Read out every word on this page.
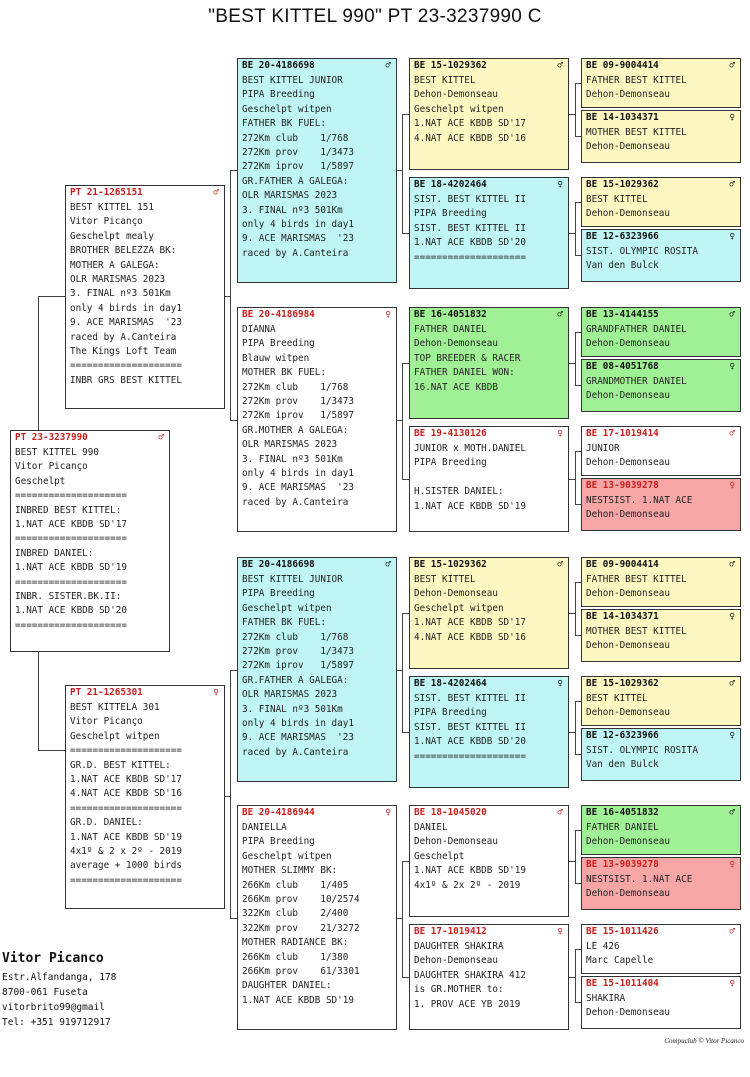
"BEST KITTEL 990" PT 23-3237990 C
PT 23-3237990	♂
BEST KITTEL 990
Vitor Picanço
Geschelpt
====================
INBRED BEST KITTEL:
1.NAT ACE KBDB SD'17
====================
INBRED DANIEL:
1.NAT ACE KBDB SD'19
====================
INBR. SISTER.BK.II:
1.NAT ACE KBDB SD'20
====================
PT 21-1265151	♂
BEST KITTEL 151
Vitor Picanço
Geschelpt mealy
BROTHER BELEZZA BK:
MOTHER A GALEGA:
OLR MARISMAS 2023
3. FINAL nº3 501Km
only 4 birds in day1
9. ACE MARISMAS  '23
raced by A.Canteira
The Kings Loft Team
====================
INBR GRS BEST KITTEL
PT 21-1265301	♀
BEST KITTELA 301
Vitor Picanço
Geschelpt witpen
====================
GR.D. BEST KITTEL:
1.NAT ACE KBDB SD'17
4.NAT ACE KBDB SD'16
====================
GR.D. DANIEL:
1.NAT ACE KBDB SD'19
4x1º & 2 x 2º - 2019
average + 1000 birds
====================
BE 20-4186698	♂
BEST KITTEL JUNIOR
PIPA Breeding
Geschelpt witpen
FATHER BK FUEL:
272Km club    1/768
272Km prov    1/3473
272Km iprov   1/5897
GR.FATHER A GALEGA:
OLR MARISMAS 2023
3. FINAL nº3 501Km
only 4 birds in day1
9. ACE MARISMAS  '23
raced by A.Canteira
BE 20-4186984	♀
DIANNA
PIPA Breeding
Blauw witpen
MOTHER BK FUEL:
272Km club    1/768
272Km prov    1/3473
272Km iprov   1/5897
GR.MOTHER A GALEGA:
OLR MARISMAS 2023
3. FINAL nº3 501Km
only 4 birds in day1
9. ACE MARISMAS  '23
raced by A.Canteira
BE 20-4186698	♂
BEST KITTEL JUNIOR
PIPA Breeding
Geschelpt witpen
FATHER BK FUEL:
272Km club    1/768
272Km prov    1/3473
272Km iprov   1/5897
GR.FATHER A GALEGA:
OLR MARISMAS 2023
3. FINAL nº3 501Km
only 4 birds in day1
9. ACE MARISMAS  '23
raced by A.Canteira
BE 20-4186944	♀
DANIELLA
PIPA Breeding
Geschelpt witpen
MOTHER SLIMMY BK:
266Km club    1/405
266Km prov    10/2574
322Km club    2/400
322Km prov    21/3272
MOTHER RADIANCE BK:
266Km club    1/380
266Km prov    61/3301
DAUGHTER DANIEL:
1.NAT ACE KBDB SD'19
BE 15-1029362	♂
BEST KITTEL
Dehon-Demonseau
Geschelpt witpen
1.NAT ACE KBDB SD'17
4.NAT ACE KBDB SD'16
BE 18-4202464	♀
SIST. BEST KITTEL II
PIPA Breeding
SIST. BEST KITTEL II
1.NAT ACE KBDB SD'20
====================
BE 16-4051832	♂
FATHER DANIEL
Dehon-Demonseau
TOP BREEDER & RACER
FATHER DANIEL WON:
16.NAT ACE KBDB
BE 19-4130126	♀
JUNIOR x MOTH.DANIEL
PIPA Breeding
H.SISTER DANIEL:
1.NAT ACE KBDB SD'19
BE 15-1029362	♂
BEST KITTEL
Dehon-Demonseau
Geschelpt witpen
1.NAT ACE KBDB SD'17
4.NAT ACE KBDB SD'16
BE 18-4202464	♀
SIST. BEST KITTEL II
PIPA Breeding
SIST. BEST KITTEL II
1.NAT ACE KBDB SD'20
====================
BE 18-1045020	♂
DANIEL
Dehon-Demonseau
Geschelpt
1.NAT ACE KBDB SD'19
4x1º & 2x 2º - 2019
BE 17-1019412	♀
DAUGHTER SHAKIRA
Dehon-Demonseau
DAUGHTER SHAKIRA 412
is GR.MOTHER to:
1. PROV ACE YB 2019
BE 09-9004414	♂
FATHER BEST KITTEL
Dehon-Demonseau
BE 14-1034371	♀
MOTHER BEST KITTEL
Dehon-Demonseau
BE 15-1029362	♂
BEST KITTEL
Dehon-Demonseau
BE 12-6323966	♀
SIST. OLYMPIC ROSITA
Van den Bulck
BE 13-4144155	♂
GRANDFATHER DANIEL
Dehon-Demonseau
BE 08-4051768	♀
GRANDMOTHER DANIEL
Dehon-Demonseau
BE 17-1019414	♂
JUNIOR
Dehon-Demonseau
BE 13-9039278	♀
NESTSIST. 1.NAT ACE
Dehon-Demonseau
BE 09-9004414	♂
FATHER BEST KITTEL
Dehon-Demonseau
BE 14-1034371	♀
MOTHER BEST KITTEL
Dehon-Demonseau
BE 15-1029362	♂
BEST KITTEL
Dehon-Demonseau
BE 12-6323966	♀
SIST. OLYMPIC ROSITA
Van den Bulck
BE 16-4051832	♂
FATHER DANIEL
Dehon-Demonseau
BE 13-9039278	♀
NESTSIST. 1.NAT ACE
Dehon-Demonseau
BE 15-1011426	♂
LE 426
Marc Capelle
BE 15-1011404	♀
SHAKIRA
Dehon-Demonseau
Vitor Picanco
Estr.Alfandanga, 178
8700-061 Fuseta
vitorbrito99@gmail
Tel: +351 919712917
Compuclub © Vitor Picanco
